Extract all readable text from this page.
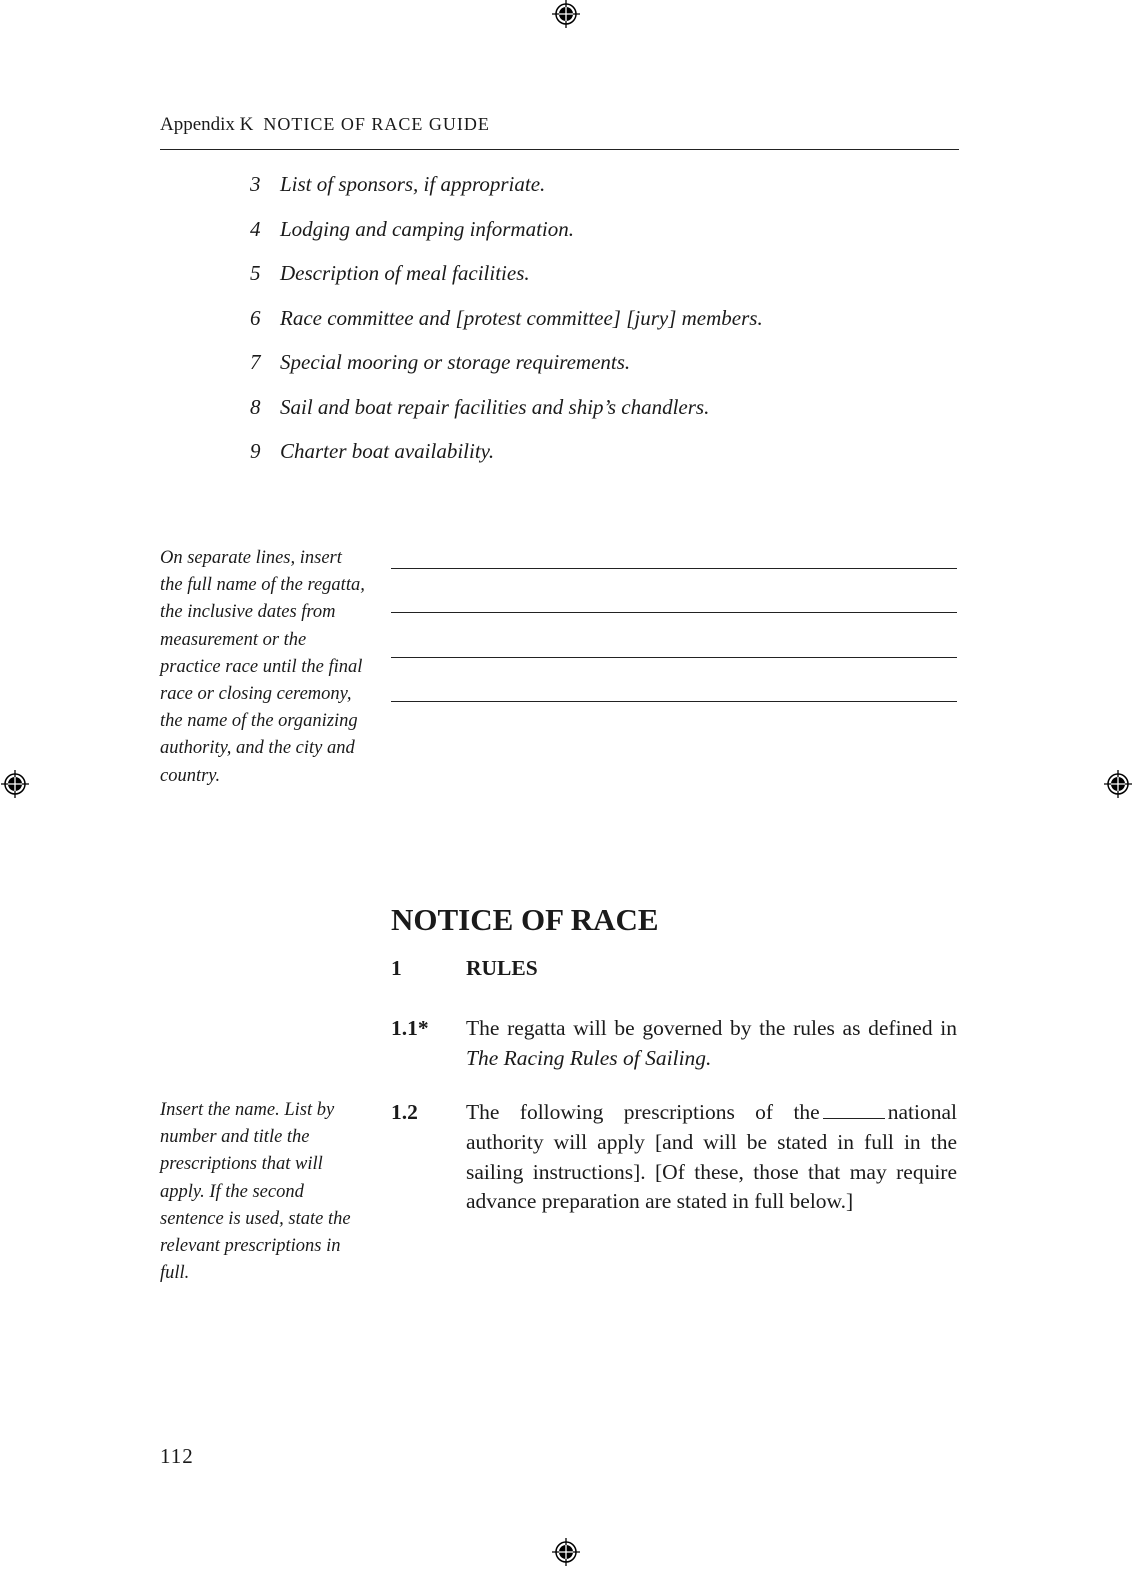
Appendix K NOTICE OF RACE GUIDE
3 List of sponsors, if appropriate.
4 Lodging and camping information.
5 Description of meal facilities.
6 Race committee and [protest committee] [jury] members.
7 Special mooring or storage requirements.
8 Sail and boat repair facilities and ship’s chandlers.
9 Charter boat availability.
On separate lines, insert the full name of the regatta, the inclusive dates from measurement or the practice race until the final race or closing ceremony, the name of the organizing authority, and the city and country.
NOTICE OF RACE
1	RULES
1.1*	The regatta will be governed by the rules as defined in The Racing Rules of Sailing.
Insert the name. List by number and title the prescriptions that will apply. If the second sentence is used, state the relevant prescriptions in full.
1.2	The following prescriptions of the	national authority will apply [and will be stated in full in the sailing instructions]. [Of these, those that may require advance preparation are stated in full below.]
112
